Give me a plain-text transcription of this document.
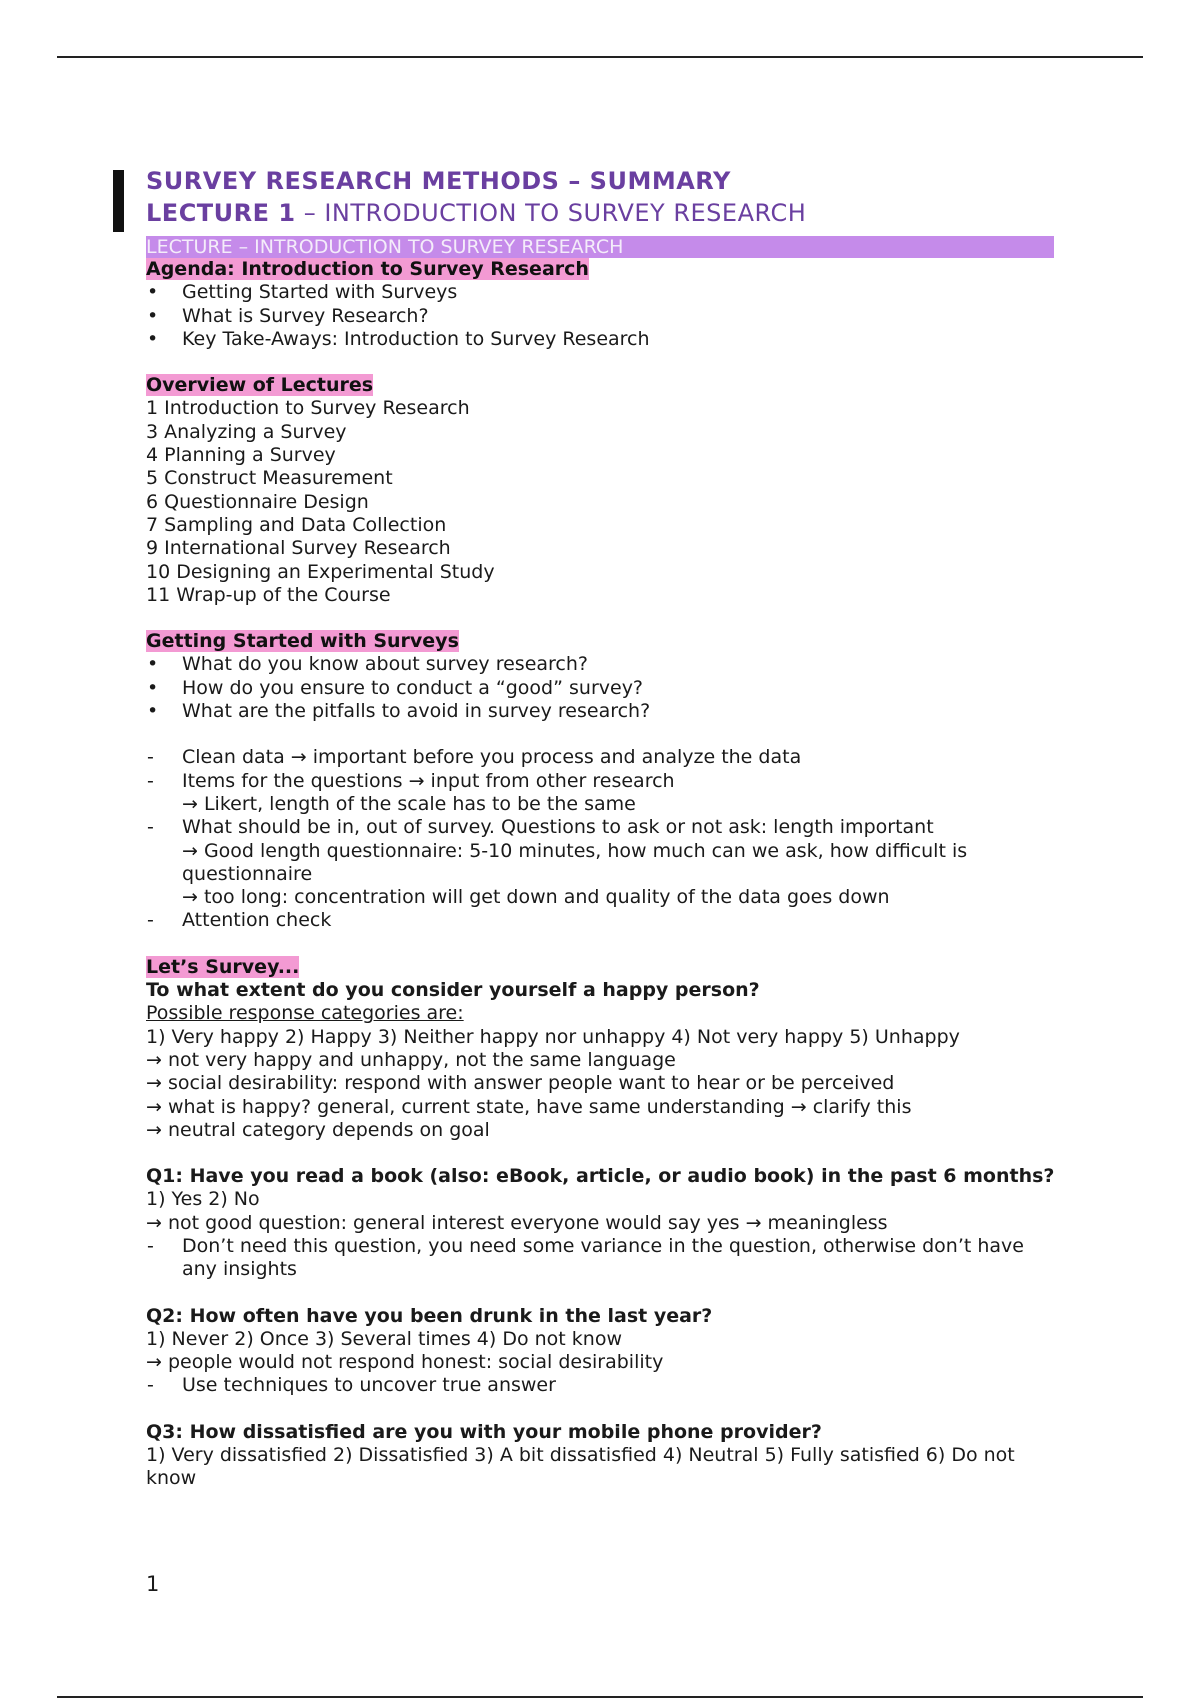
SURVEY RESEARCH METHODS – SUMMARY
LECTURE 1 – INTRODUCTION TO SURVEY RESEARCH
LECTURE – INTRODUCTION TO SURVEY RESEARCH
Agenda: Introduction to Survey Research
• Getting Started with Surveys
• What is Survey Research?
• Key Take-Aways: Introduction to Survey Research
Overview of Lectures
1 Introduction to Survey Research
3 Analyzing a Survey
4 Planning a Survey
5 Construct Measurement
6 Questionnaire Design
7 Sampling and Data Collection
9 International Survey Research
10 Designing an Experimental Study
11 Wrap-up of the Course
Getting Started with Surveys
• What do you know about survey research?
• How do you ensure to conduct a “good” survey?
• What are the pitfalls to avoid in survey research?
- Clean data → important before you process and analyze the data
- Items for the questions → input from other research
→ Likert, length of the scale has to be the same
- What should be in, out of survey. Questions to ask or not ask: length important
→ Good length questionnaire: 5-10 minutes, how much can we ask, how difficult is questionnaire
→ too long: concentration will get down and quality of the data goes down
- Attention check
Let’s Survey...
To what extent do you consider yourself a happy person?
Possible response categories are:
1) Very happy 2) Happy 3) Neither happy nor unhappy 4) Not very happy 5) Unhappy
→ not very happy and unhappy, not the same language
→ social desirability: respond with answer people want to hear or be perceived
→ what is happy? general, current state, have same understanding → clarify this
→ neutral category depends on goal
Q1: Have you read a book (also: eBook, article, or audio book) in the past 6 months?
1) Yes 2) No
→ not good question: general interest everyone would say yes → meaningless
- Don’t need this question, you need some variance in the question, otherwise don’t have any insights
Q2: How often have you been drunk in the last year?
1) Never 2) Once 3) Several times 4) Do not know
→ people would not respond honest: social desirability
- Use techniques to uncover true answer
Q3: How dissatisfied are you with your mobile phone provider?
1) Very dissatisfied 2) Dissatisfied 3) A bit dissatisfied 4) Neutral 5) Fully satisfied 6) Do not know
1
